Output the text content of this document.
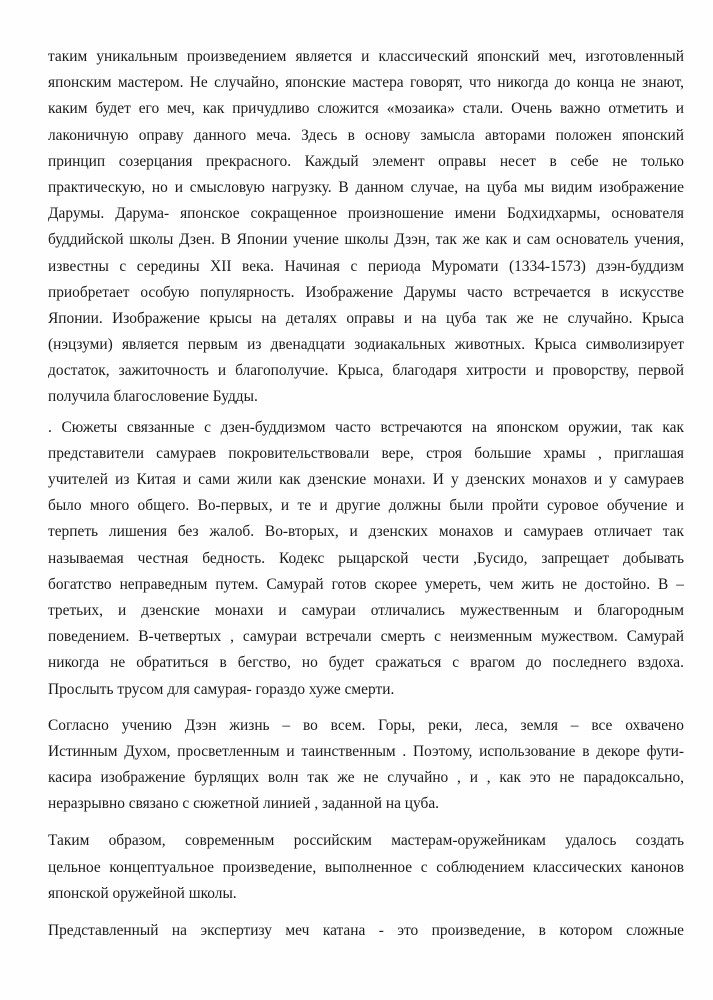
таким уникальным произведением является и классический японский меч, изготовленный
японским мастером. Не случайно, японские мастера говорят, что никогда до конца не знают,
каким будет его меч, как причудливо сложится «мозаика» стали. Очень важно отметить и
лаконичную оправу данного меча. Здесь в основу замысла авторами положен японский
принцип созерцания прекрасного. Каждый элемент оправы несет в себе не только
практическую, но и смысловую нагрузку. В данном случае, на цуба мы видим изображение
Дарумы. Дарума- японское сокращенное произношение имени Бодхидхармы, основателя
буддийской школы Дзен. В Японии учение школы Дзэн, так же как и сам основатель учения,
известны с середины XII века. Начиная с периода Муромати (1334-1573) дзэн-буддизм
приобретает особую популярность. Изображение Дарумы часто встречается в искусстве
Японии. Изображение крысы на деталях оправы и на цуба так же не случайно. Крыса
(нэцзуми) является первым из двенадцати зодиакальных животных. Крыса символизирует
достаток, зажиточность и благополучие. Крыса, благодаря хитрости и проворству, первой
получила благословение Будды.
. Сюжеты связанные с дзен-буддизмом часто встречаются на японском оружии, так как
представители самураев покровительствовали вере, строя большие храмы , приглашая
учителей из Китая и сами жили как дзенские монахи. И у дзенских монахов и у самураев
было много общего. Во-первых, и те и другие должны были пройти суровое обучение и
терпеть лишения без жалоб. Во-вторых, и дзенских монахов и самураев отличает так
называемая честная бедность. Кодекс рыцарской чести ,Бусидо, запрещает добывать
богатство неправедным путем. Самурай готов скорее умереть, чем жить не достойно. В –
третьих, и дзенские монахи и самураи отличались мужественным и благородным
поведением. В-четвертых , самураи встречали смерть с неизменным мужеством. Самурай
никогда не обратиться в бегство, но будет сражаться с врагом до последнего вздоха.
Прослыть трусом для самурая- гораздо хуже смерти.
Согласно учению Дзэн жизнь – во всем. Горы, реки, леса, земля – все охвачено
Истинным Духом, просветленным и таинственным . Поэтому, использование в декоре фути-
касира изображение бурлящих волн так же не случайно , и , как это не парадоксально,
неразрывно связано с сюжетной линией , заданной на цуба.
Таким образом, современным российским мастерам-оружейникам удалось создать
цельное концептуальное произведение, выполненное с соблюдением классических канонов
японской оружейной школы.
Представленный на экспертизу меч катана - это произведение, в котором сложные
